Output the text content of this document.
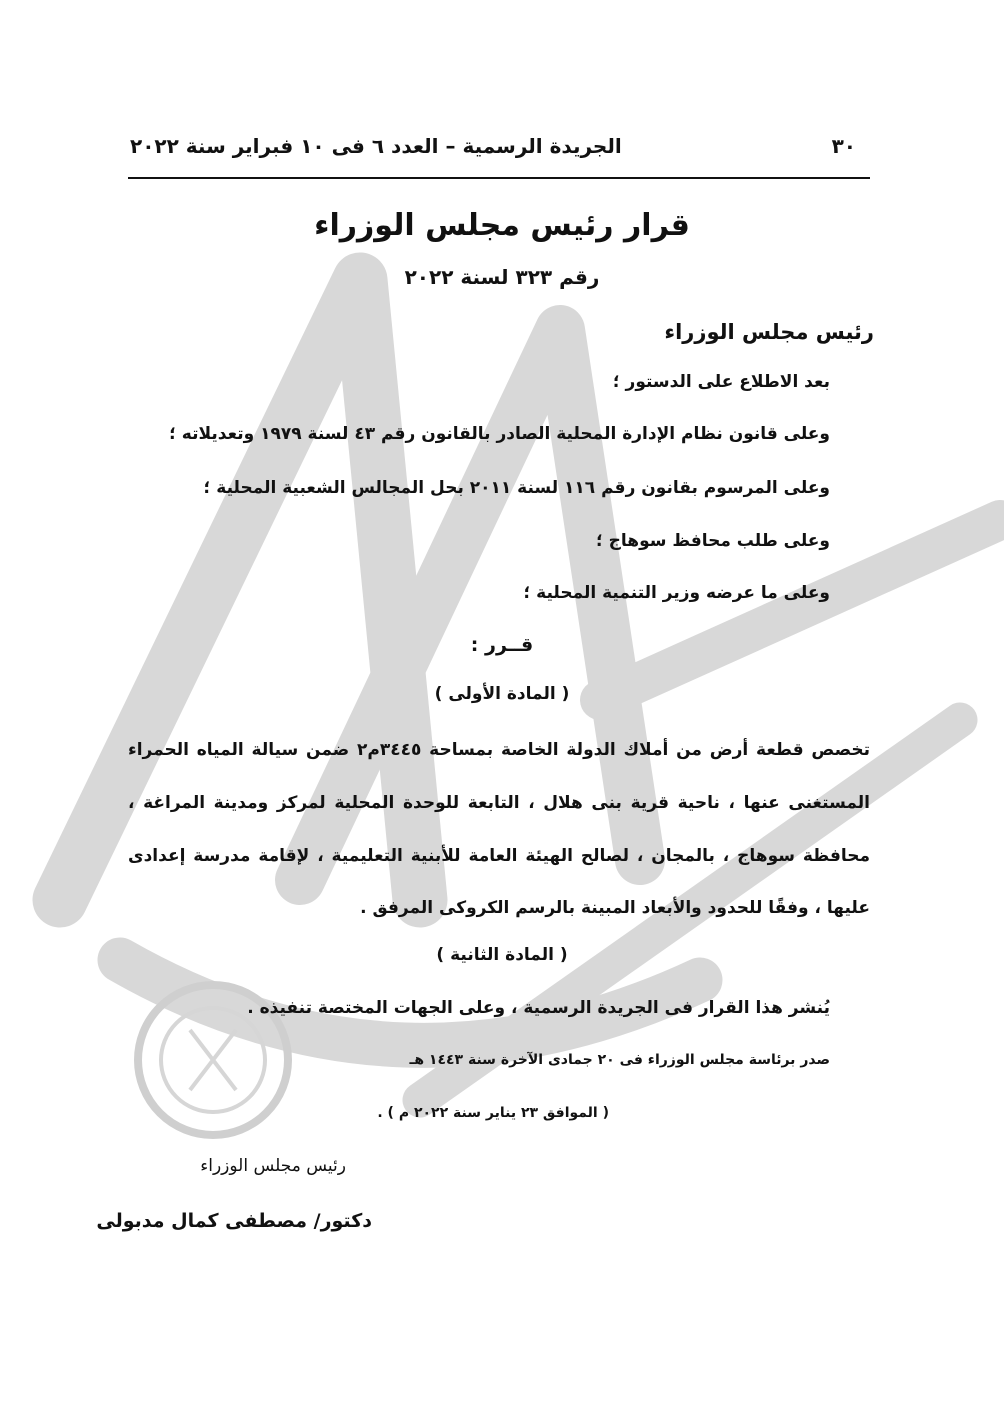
٣٠
الجريدة الرسمية – العدد ٦ فى ١٠ فبراير سنة ٢٠٢٢
قرار رئيس مجلس الوزراء
رقم ٣٢٣ لسنة ٢٠٢٢
رئيس مجلس الوزراء
بعد الاطلاع على الدستور ؛
وعلى قانون نظام الإدارة المحلية الصادر بالقانون رقم ٤٣ لسنة ١٩٧٩ وتعديلاته ؛
وعلى المرسوم بقانون رقم ١١٦ لسنة ٢٠١١ بحل المجالس الشعبية المحلية ؛
وعلى طلب محافظ سوهاج ؛
وعلى ما عرضه وزير التنمية المحلية ؛
قــرر :
( المادة الأولى )
تخصص قطعة أرض من أملاك الدولة الخاصة بمساحة ٣٤٤٥م٢ ضمن سيالة المياه الحمراء
المستغنى عنها ، ناحية قرية بنى هلال ، التابعة للوحدة المحلية لمركز ومدينة المراغة ،
محافظة سوهاج ، بالمجان ، لصالح الهيئة العامة للأبنية التعليمية ، لإقامة مدرسة إعدادى
عليها ، وفقًا للحدود والأبعاد المبينة بالرسم الكروكى المرفق .
( المادة الثانية )
يُنشر هذا القرار فى الجريدة الرسمية ، وعلى الجهات المختصة تنفيذه .
صدر برئاسة مجلس الوزراء فى ٢٠ جمادى الآخرة سنة ١٤٤٣ هـ
( الموافق ٢٣ يناير سنة ٢٠٢٢ م ) .
رئيس مجلس الوزراء
دكتور/ مصطفى كمال مدبولى
